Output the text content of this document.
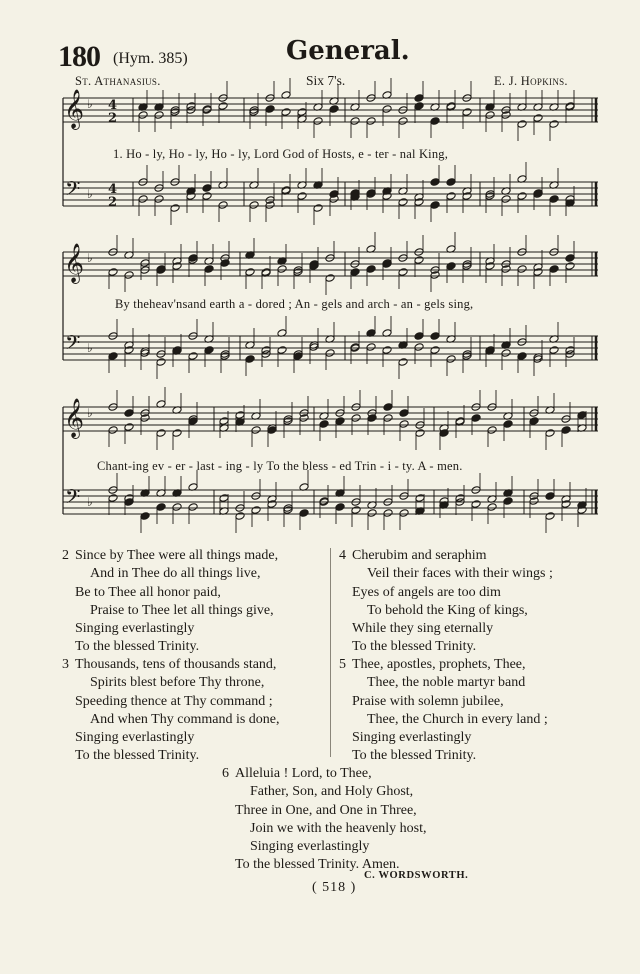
180 (Hym. 385)	General.
St. Athanasius.	Six 7's.	E. J. Hopkins.
𝄞
𝄢
♭ 4
2
♭ 4
2
𝄞
𝄢
♭
♭
𝄞
𝄢
♭
♭
1. Ho - ly, Ho - ly, Ho - ly, Lord God of Hosts, e - ter - nal King,
By theheav'nsand earth a - dored ; An - gels and arch - an - gels sing,
Chant-ing ev - er - last - ing - ly To the bless - ed Trin - i - ty. A - men.
2 Since by Thee were all things made,
And in Thee do all things live,
Be to Thee all honor paid,
Praise to Thee let all things give,
Singing everlastingly
To the blessed Trinity.
3 Thousands, tens of thousands stand,
Spirits blest before Thy throne,
Speeding thence at Thy command ;
And when Thy command is done,
Singing everlastingly
To the blessed Trinity.
4 Cherubim and seraphim
Veil their faces with their wings ;
Eyes of angels are too dim
To behold the King of kings,
While they sing eternally
To the blessed Trinity.
5 Thee, apostles, prophets, Thee,
Thee, the noble martyr band
Praise with solemn jubilee,
Thee, the Church in every land ;
Singing everlastingly
To the blessed Trinity.
6 Alleluia ! Lord, to Thee,
Father, Son, and Holy Ghost,
Three in One, and One in Three,
Join we with the heavenly host,
Singing everlastingly
To the blessed Trinity. Amen.
C. WORDSWORTH.
( 518 )
